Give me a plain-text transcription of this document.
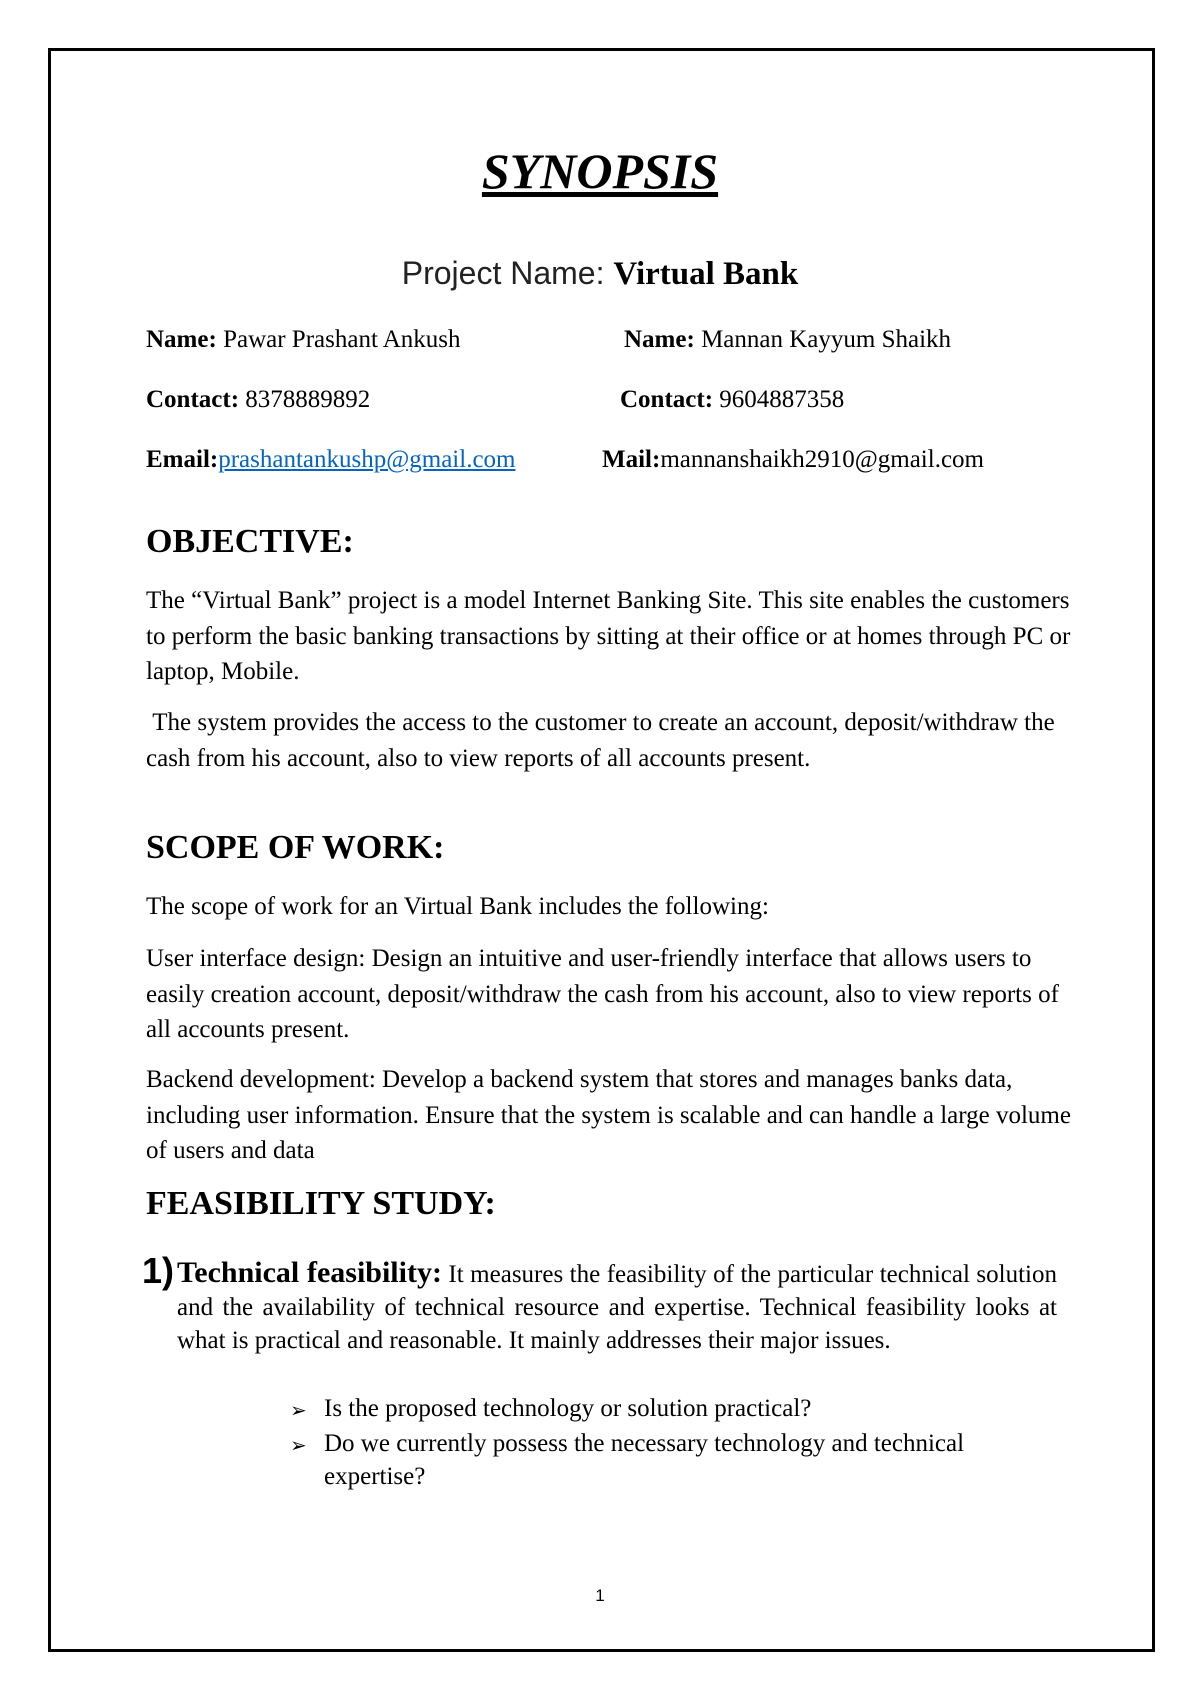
SYNOPSIS
Project Name: Virtual Bank
Name: Pawar Prashant Ankush
Contact: 8378889892
Email:prashantankushp@gmail.com
Name: Mannan Kayyum Shaikh
Contact: 9604887358
Mail:mannanshaikh2910@gmail.com
OBJECTIVE:
The “Virtual Bank” project is a model Internet Banking Site. This site enables the customers to perform the basic banking transactions by sitting at their office or at homes through PC or laptop, Mobile.
The system provides the access to the customer to create an account, deposit/withdraw the cash from his account, also to view reports of all accounts present.
SCOPE OF WORK:
The scope of work for an Virtual Bank includes the following:
User interface design: Design an intuitive and user-friendly interface that allows users to easily creation account, deposit/withdraw the cash from his account, also to view reports of all accounts present.
Backend development: Develop a backend system that stores and manages banks data, including user information. Ensure that the system is scalable and can handle a large volume of users and data
FEASIBILITY STUDY:
1) Technical feasibility: It measures the feasibility of the particular technical solution and the availability of technical resource and expertise. Technical feasibility looks at what is practical and reasonable. It mainly addresses their major issues.
➢ Is the proposed technology or solution practical?
➢ Do we currently possess the necessary technology and technical expertise?
1
